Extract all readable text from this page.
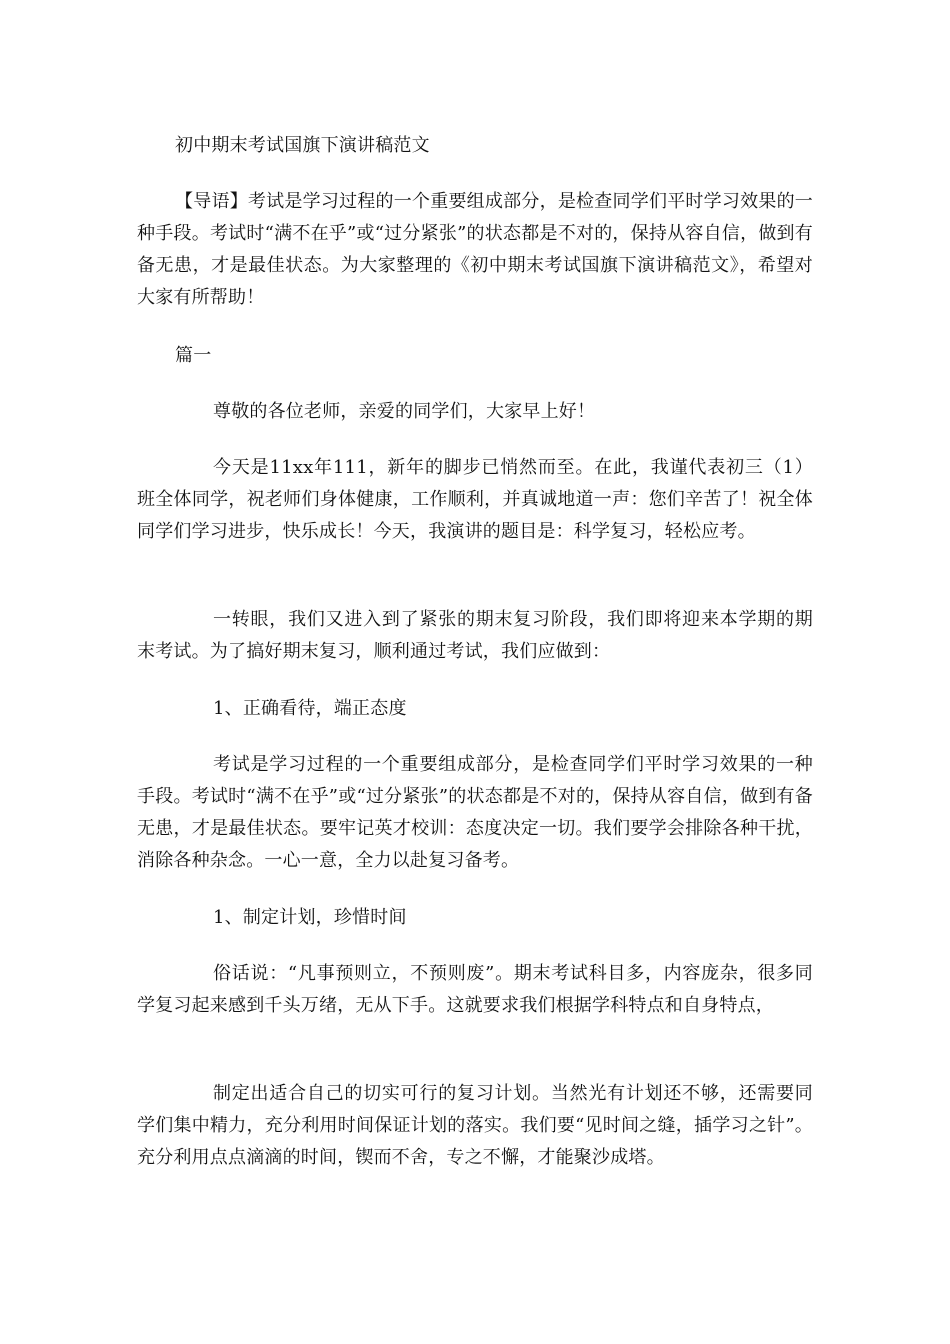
初中期末考试国旗下演讲稿范文
【导语】考试是学习过程的一个重要组成部分，是检查同学们平时学习效果的一种手段。考试时“满不在乎”或“过分紧张”的状态都是不对的，保持从容自信，做到有备无患，才是最佳状态。为大家整理的《初中期末考试国旗下演讲稿范文》，希望对大家有所帮助！
篇一
尊敬的各位老师，亲爱的同学们，大家早上好！
今天是11xx年111，新年的脚步已悄然而至。在此，我谨代表初三（1）班全体同学，祝老师们身体健康，工作顺利，并真诚地道一声：您们辛苦了！祝全体同学们学习进步，快乐成长！今天，我演讲的题目是：科学复习，轻松应考。
一转眼，我们又进入到了紧张的期末复习阶段，我们即将迎来本学期的期末考试。为了搞好期末复习，顺利通过考试，我们应做到：
1、正确看待，端正态度
考试是学习过程的一个重要组成部分，是检查同学们平时学习效果的一种手段。考试时“满不在乎”或“过分紧张”的状态都是不对的，保持从容自信，做到有备无患，才是最佳状态。要牢记英才校训：态度决定一切。我们要学会排除各种干扰，消除各种杂念。一心一意，全力以赴复习备考。
1、制定计划，珍惜时间
俗话说：“凡事预则立，不预则废”。期末考试科目多，内容庞杂，很多同学复习起来感到千头万绪，无从下手。这就要求我们根据学科特点和自身特点，
制定出适合自己的切实可行的复习计划。当然光有计划还不够，还需要同学们集中精力，充分利用时间保证计划的落实。我们要“见时间之缝，插学习之针”。充分利用点点滴滴的时间，锲而不舍，专之不懈，才能聚沙成塔。
